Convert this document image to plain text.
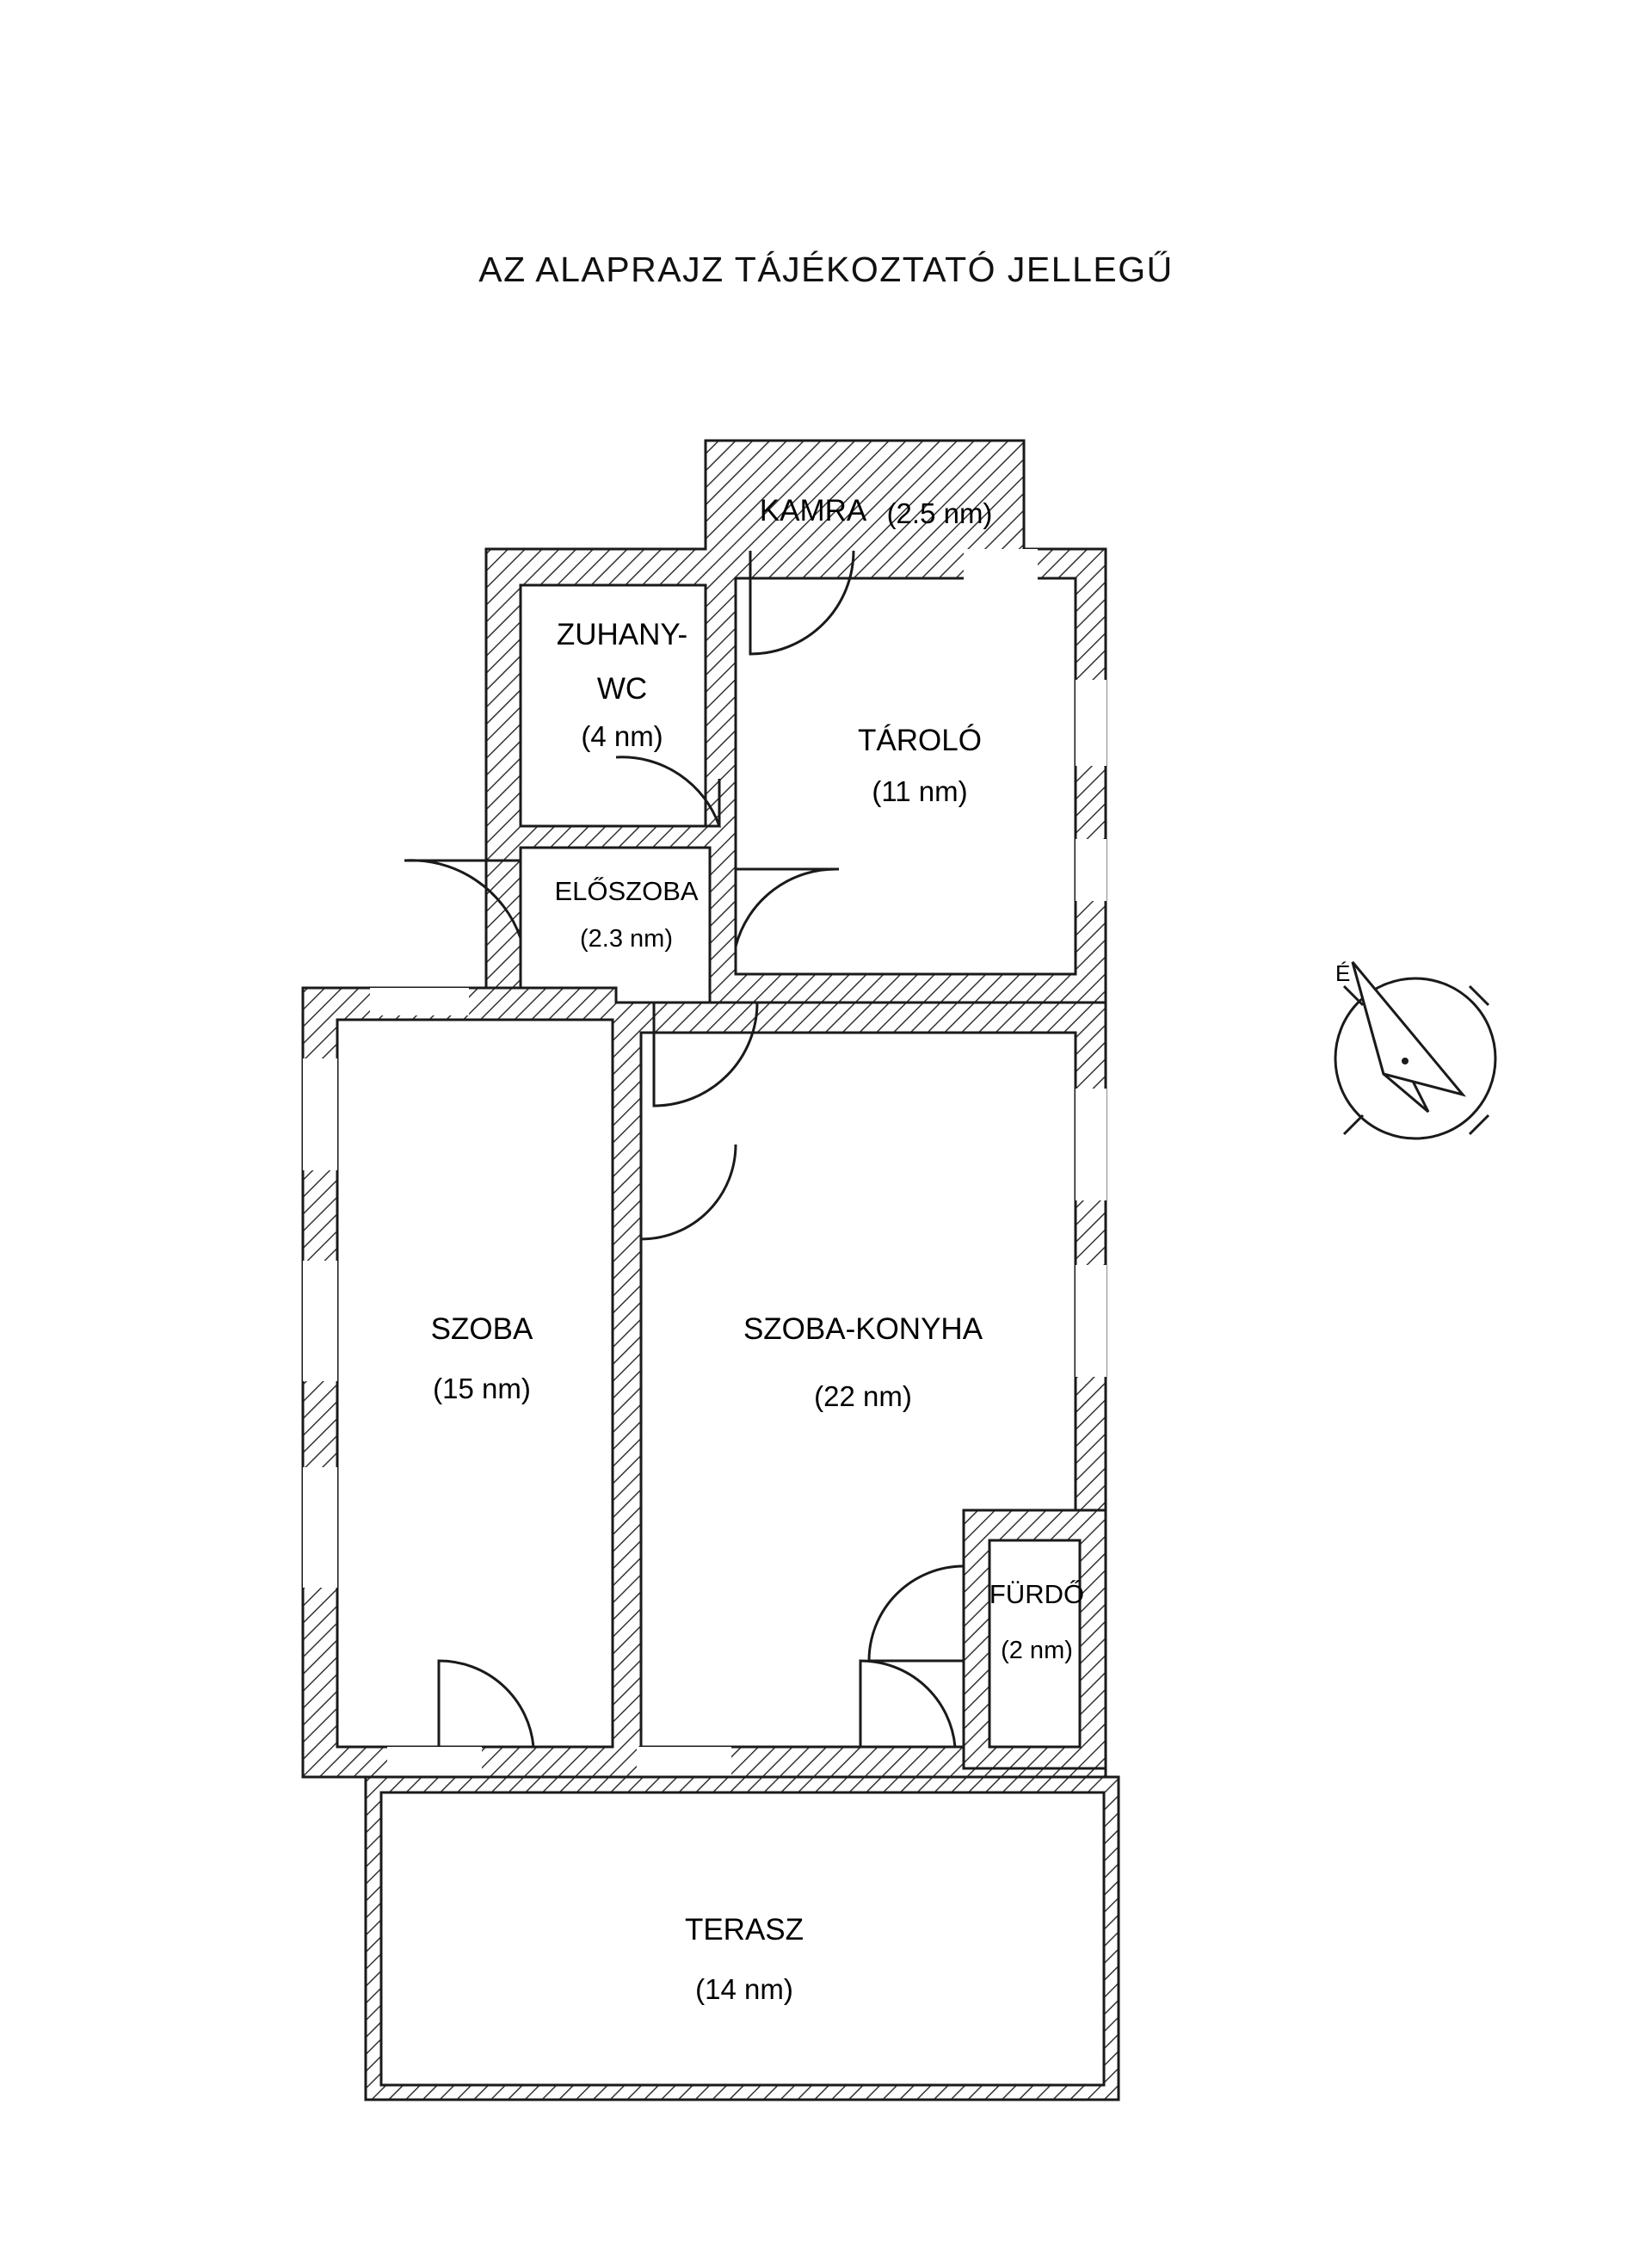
AZ ALAPRAJZ TÁJÉKOZTATÓ JELLEGŰ
KAMRA (2.5 nm)
ZUHANY-
WC
(4 nm)	TÁROLÓ
(11 nm)
ELŐSZOBA
(2.3 nm)
SZOBA
(15 nm)
SZOBA-KONYHA
(22 nm)
FÜRDŐ
(2 nm)
TERASZ
(14 nm)
É
